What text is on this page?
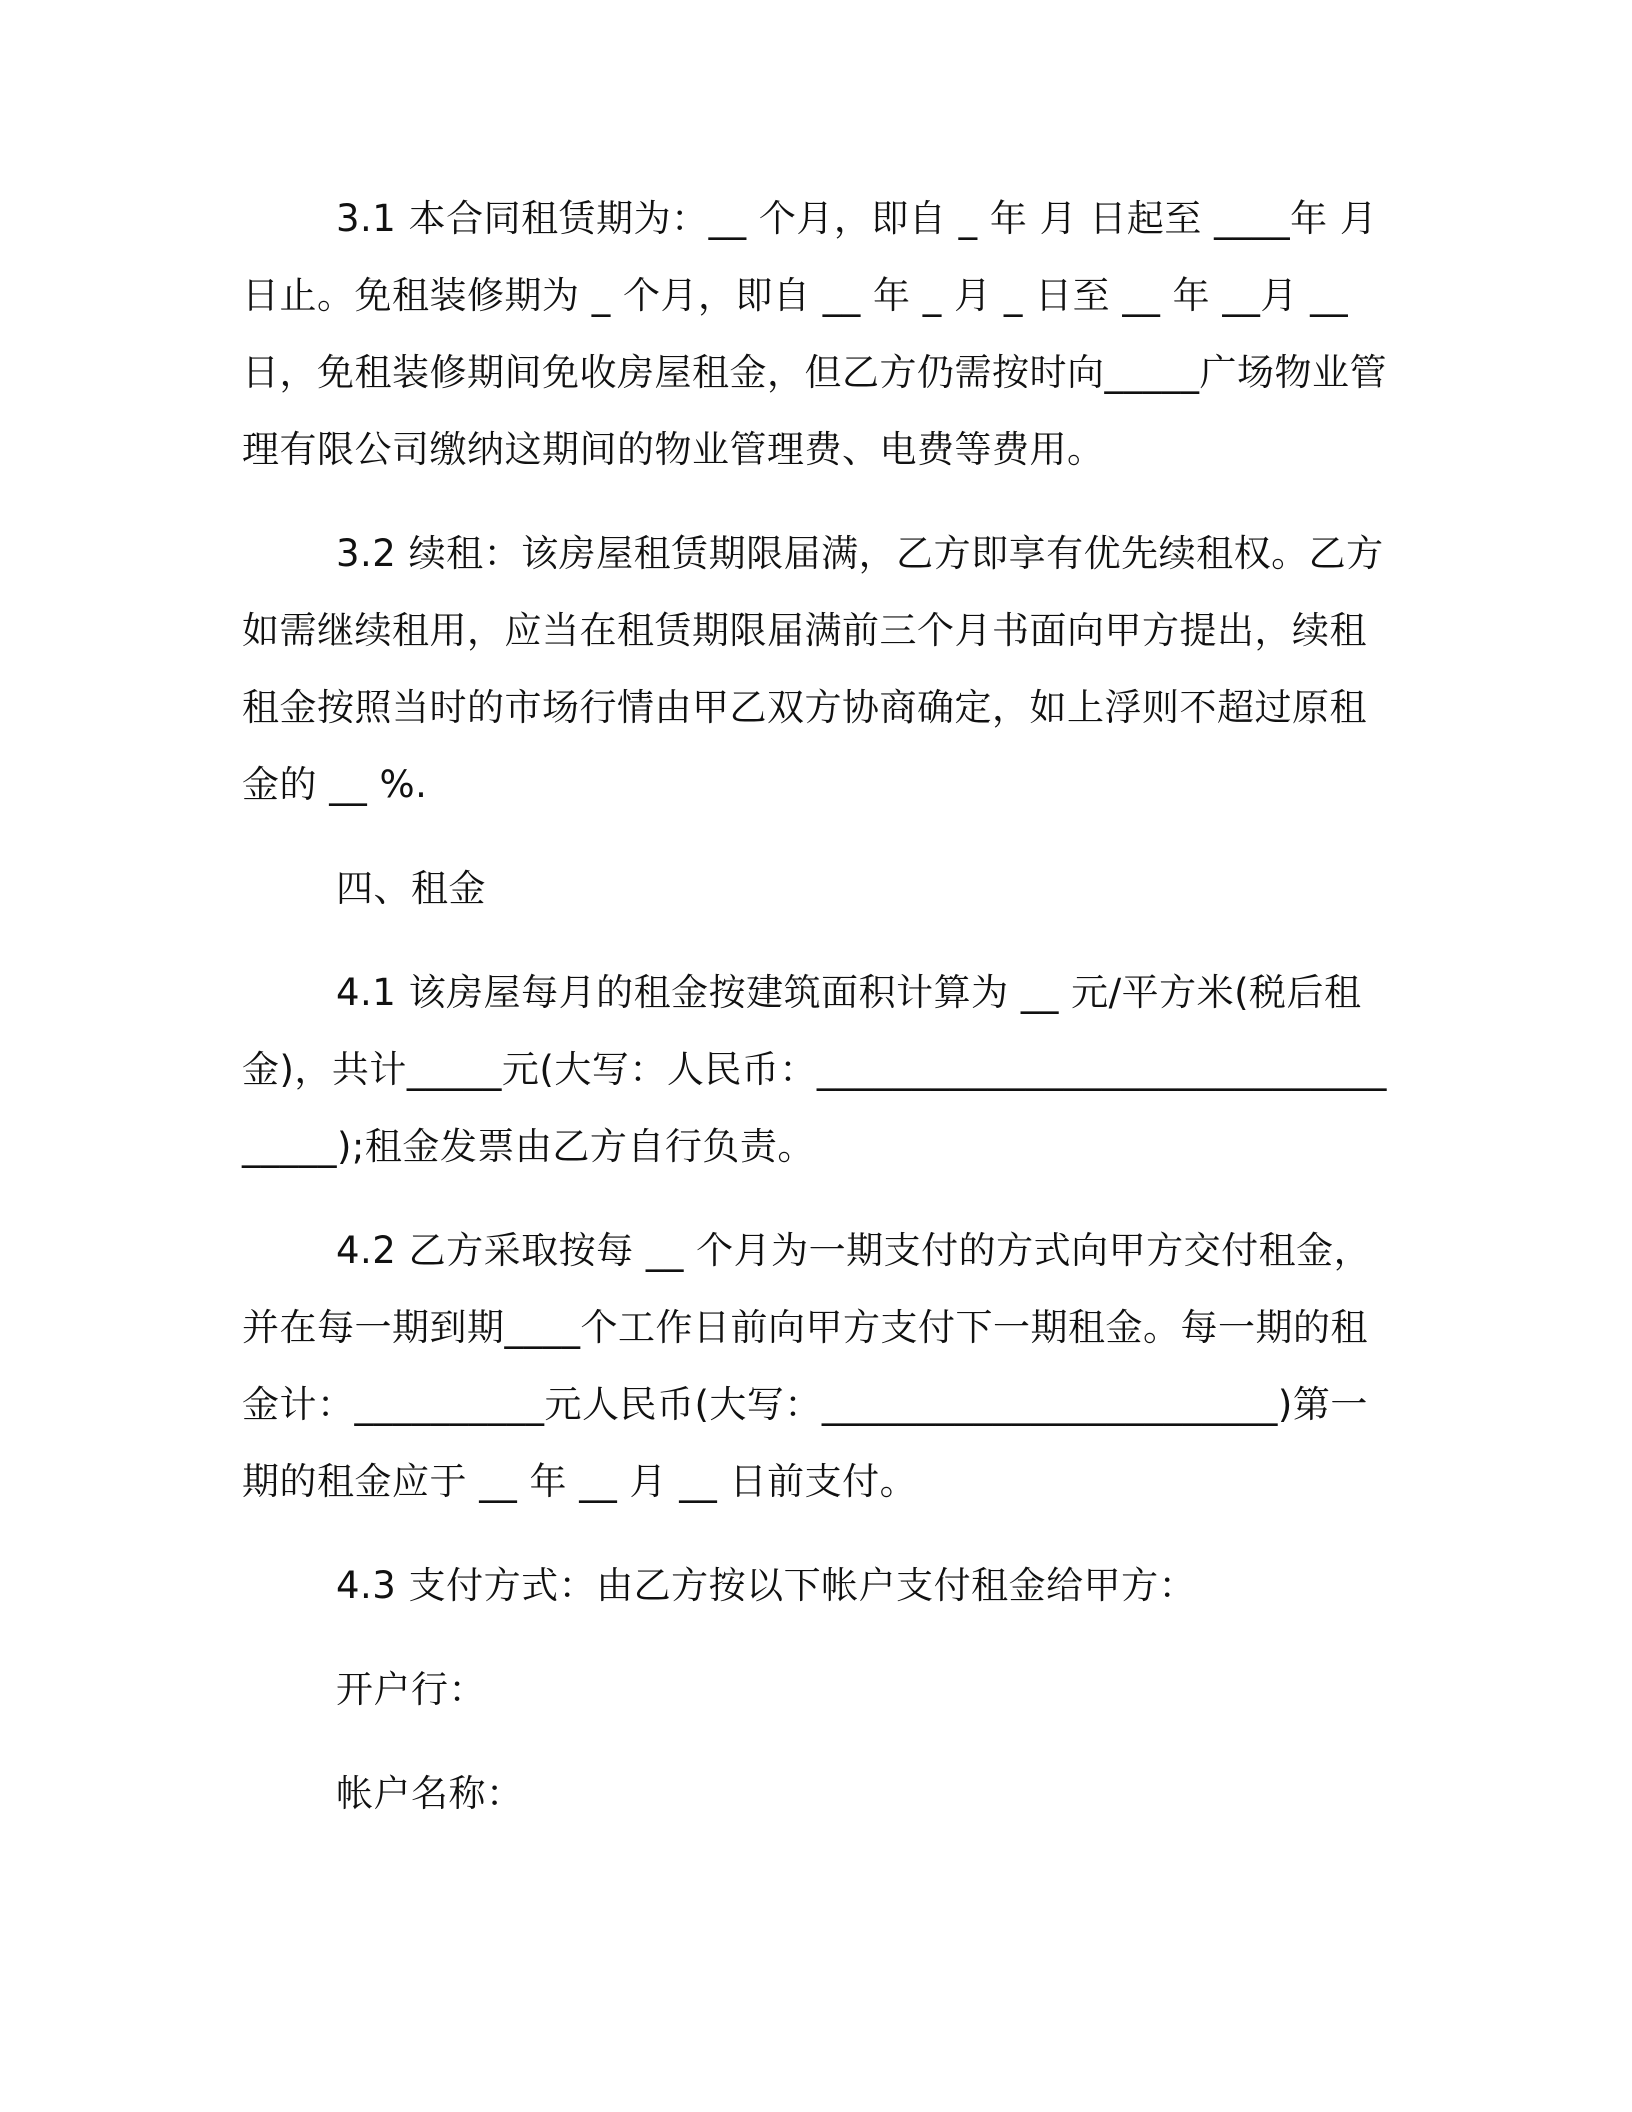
3.1 本合同租赁期为：__ 个月，即自 _ 年 月 日起至 ____年 月日止。免租装修期为 _ 个月，即自 __ 年 _ 月 _ 日至 __ 年 __月 __日，免租装修期间免收房屋租金，但乙方仍需按时向_____广场物业管理有限公司缴纳这期间的物业管理费、电费等费用。

3.2 续租：该房屋租赁期限届满，乙方即享有优先续租权。乙方如需继续租用，应当在租赁期限届满前三个月书面向甲方提出，续租租金按照当时的市场行情由甲乙双方协商确定，如上浮则不超过原租金的 __ %.

四、租金

4.1 该房屋每月的租金按建筑面积计算为 __ 元/平方米(税后租金)，共计_____元(大写：人民币：___________________________________);租金发票由乙方自行负责。

4.2 乙方采取按每 __ 个月为一期支付的方式向甲方交付租金，并在每一期到期____个工作日前向甲方支付下一期租金。每一期的租金计：__________元人民币(大写：________________________)第一期的租金应于 __ 年 __ 月 __ 日前支付。

4.3 支付方式：由乙方按以下帐户支付租金给甲方：

开户行：

帐户名称：
